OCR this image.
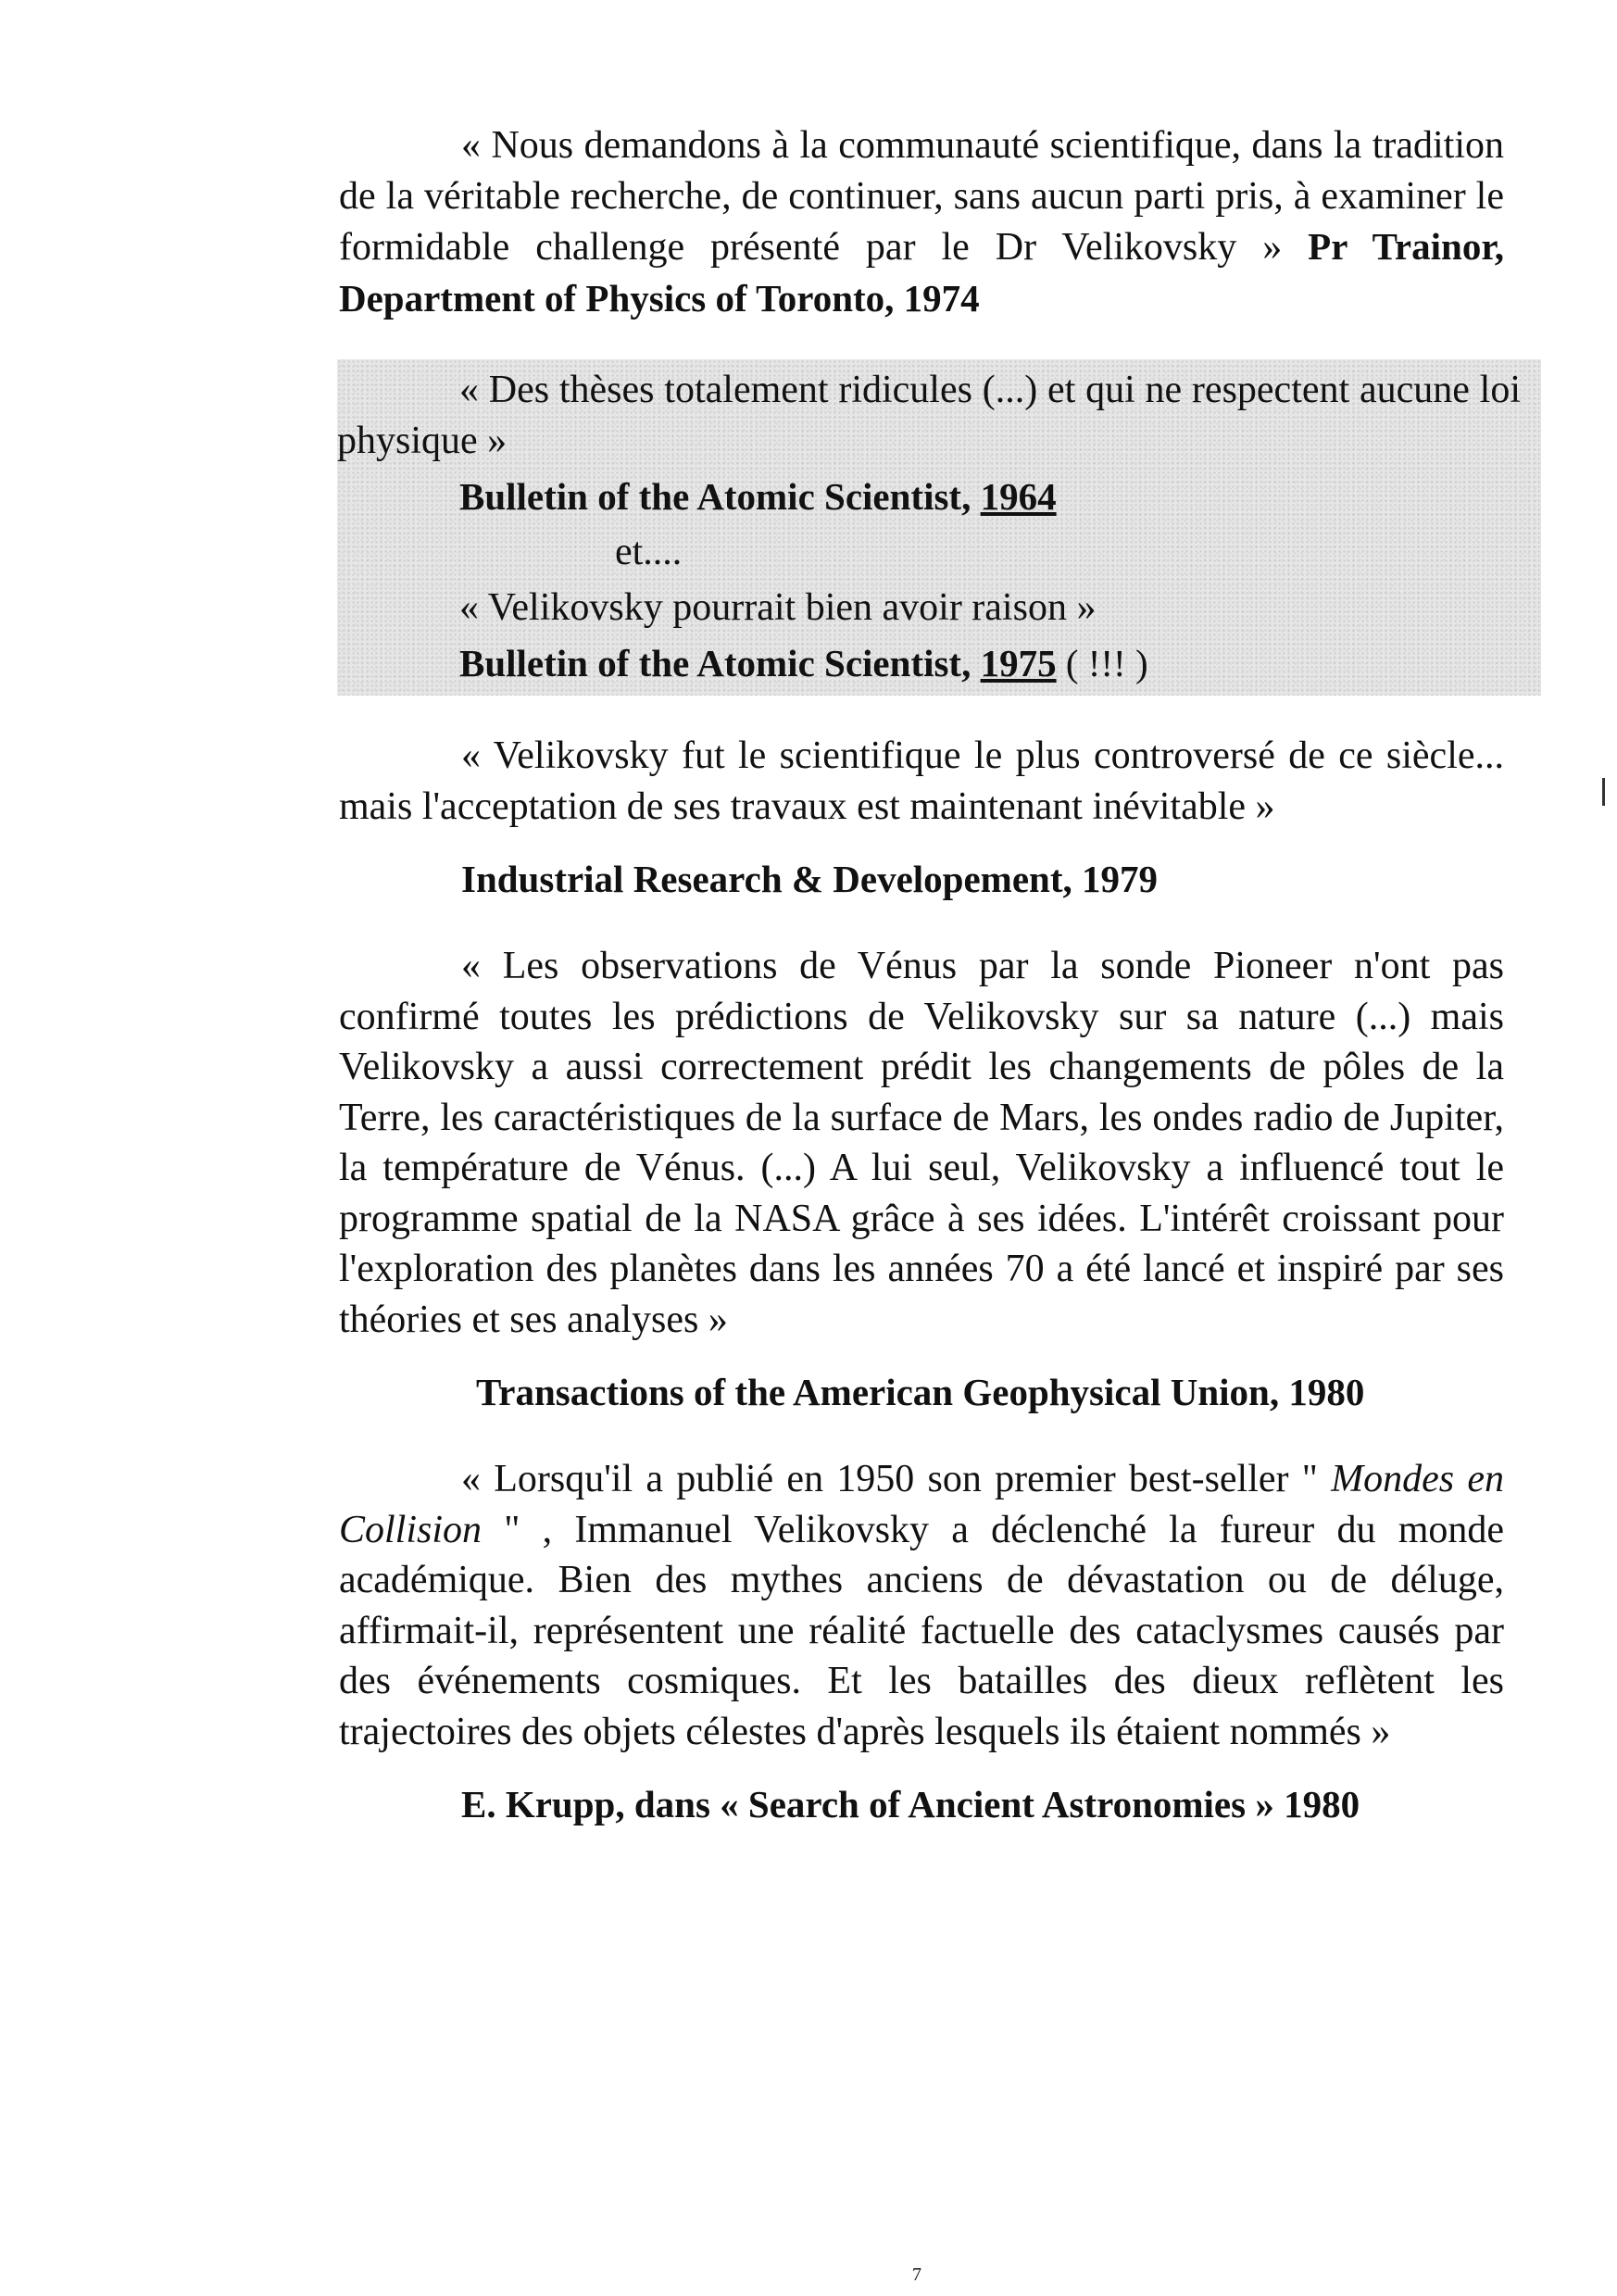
« Nous demandons à la communauté scientifique, dans la tradition de la véritable recherche, de continuer, sans aucun parti pris, à examiner le formidable challenge présenté par le Dr Velikovsky » Pr Trainor, Department of Physics of Toronto, 1974

« Des thèses totalement ridicules (...) et qui ne respectent aucune loi physique »

Bulletin of the Atomic Scientist, 1964

et....

« Velikovsky pourrait bien avoir raison »

Bulletin of the Atomic Scientist, 1975 ( !!! )

« Velikovsky fut le scientifique le plus controversé de ce siècle... mais l'acceptation de ses travaux est maintenant inévitable »

Industrial Research & Developement, 1979

« Les observations de Vénus par la sonde Pioneer n'ont pas confirmé toutes les prédictions de Velikovsky sur sa nature (...) mais Velikovsky a aussi correctement prédit les changements de pôles de la Terre, les caractéristiques de la surface de Mars, les ondes radio de Jupiter, la température de Vénus. (...) A lui seul, Velikovsky a influencé tout le programme spatial de la NASA grâce à ses idées. L'intérêt croissant pour l'exploration des planètes dans les années 70 a été lancé et inspiré par ses théories et ses analyses »

Transactions of the American Geophysical Union, 1980

« Lorsqu'il a publié en 1950 son premier best-seller " Mondes en Collision " , Immanuel Velikovsky a déclenché la fureur du monde académique. Bien des mythes anciens de dévastation ou de déluge, affirmait-il, représentent une réalité factuelle des cataclysmes causés par des événements cosmiques. Et les batailles des dieux reflètent les trajectoires des objets célestes d'après lesquels ils étaient nommés »

E. Krupp, dans « Search of Ancient Astronomies » 1980

7
